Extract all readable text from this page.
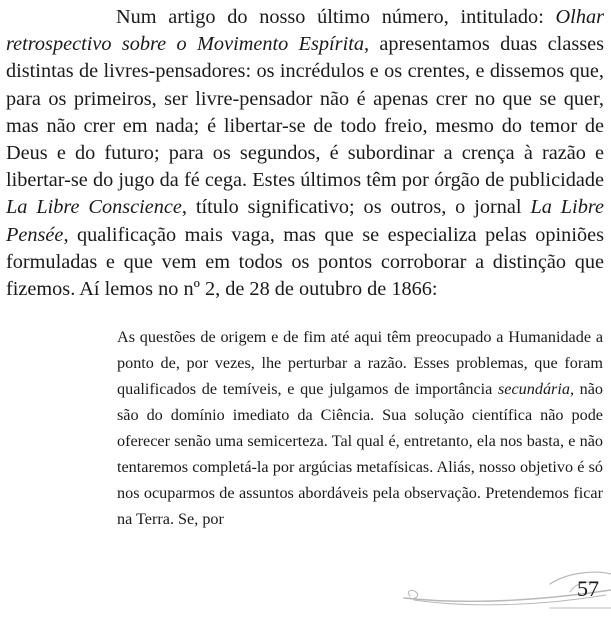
Num artigo do nosso último número, intitulado: Olhar retrospectivo sobre o Movimento Espírita, apresentamos duas classes distintas de livres-pensadores: os incrédulos e os crentes, e dissemos que, para os primeiros, ser livre-pensador não é apenas crer no que se quer, mas não crer em nada; é libertar-se de todo freio, mesmo do temor de Deus e do futuro; para os segundos, é subordinar a crença à razão e libertar-se do jugo da fé cega. Estes últimos têm por órgão de publicidade La Libre Conscience, título significativo; os outros, o jornal La Libre Pensée, qualificação mais vaga, mas que se especializa pelas opiniões formuladas e que vem em todos os pontos corroborar a distinção que fizemos. Aí lemos no nº 2, de 28 de outubro de 1866:

As questões de origem e de fim até aqui têm preocupado a Humanidade a ponto de, por vezes, lhe perturbar a razão. Esses problemas, que foram qualificados de temíveis, e que julgamos de importância secundária, não são do domínio imediato da Ciência. Sua solução científica não pode oferecer senão uma semicerteza. Tal qual é, entretanto, ela nos basta, e não tentaremos completá-la por argúcias metafísicas. Aliás, nosso objetivo é só nos ocuparmos de assuntos abordáveis pela observação. Pretendemos ficar na Terra. Se, por

57
